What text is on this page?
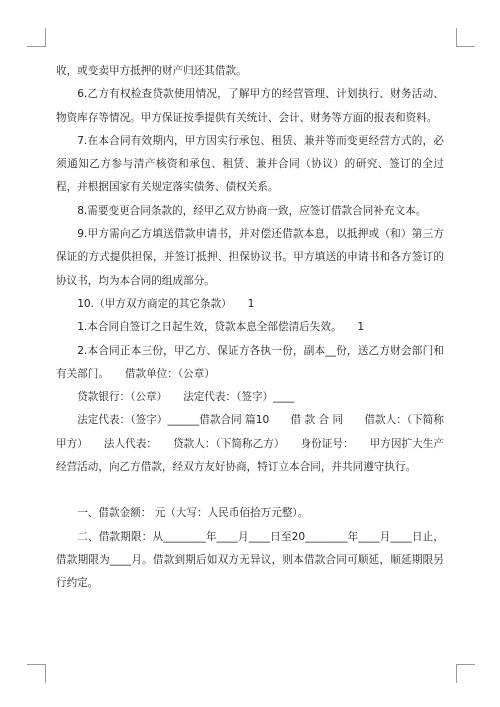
收，或变卖甲方抵押的财产归还其借款。

6.乙方有权检查贷款使用情况，了解甲方的经营管理、计划执行、财务活动、物资库存等情况。甲方保证按季提供有关统计、会计、财务等方面的报表和资料。

7.在本合同有效期内，甲方因实行承包、租赁、兼并等而变更经营方式的，必须通知乙方参与清产核资和承包、租赁、兼并合同（协议）的研究、签订的全过程，并根据国家有关规定落实债务、债权关系。

8.需要变更合同条款的，经甲乙双方协商一致，应签订借款合同补充文本。

9.甲方需向乙方填送借款申请书，并对偿还借款本息，以抵押或（和）第三方保证的方式提供担保，并签订抵押、担保协议书。甲方填送的申请书和各方签订的协议书，均为本合同的组成部分。

10.（甲方双方商定的其它条款）　　1

1.本合同自签订之日起生效，贷款本息全部偿清后失效。　　1

2.本合同正本三份，甲乙方、保证方各执一份，副本__份，送乙方财会部门和有关部门。　　借款单位：（公章）

贷款银行：（公章）　　法定代表：（签字）____

法定代表：（签字）______借款合同 篇10　　借 款 合 同　　借款人：（下简称甲方）　　法人代表：　　贷款人：（下简称乙方）　　身份证号：　　甲方因扩大生产经营活动，向乙方借款，经双方友好协商，特订立本合同，并共同遵守执行。

一、借款金额： 元（大写：人民币佰拾万元整）。

二、借款期限：从________年____月____日至20________年____月____日止，借款期限为____月。借款到期后如双方无异议，则本借款合同可顺延，顺延期限另行约定。
